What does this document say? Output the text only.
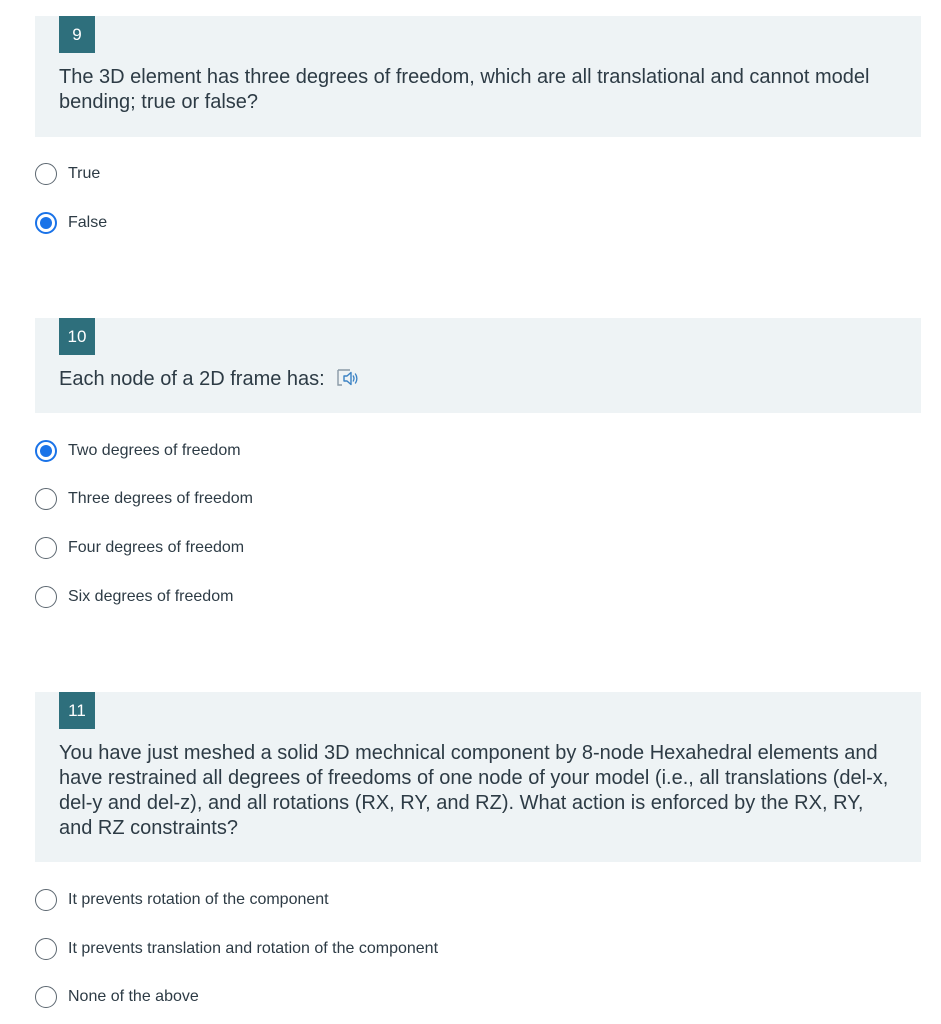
9
The 3D element has three degrees of freedom, which are all translational and cannot model bending; true or false?
True
False
10
Each node of a 2D frame has:
Two degrees of freedom
Three degrees of freedom
Four degrees of freedom
Six degrees of freedom
11
You have just meshed a solid 3D mechnical component by 8-node Hexahedral elements and have restrained all degrees of freedoms of one node of your model (i.e., all translations (del-x, del-y and del-z), and all rotations (RX, RY, and RZ). What action is enforced by the RX, RY, and RZ constraints?
It prevents rotation of the component
It prevents translation and rotation of the component
None of the above
